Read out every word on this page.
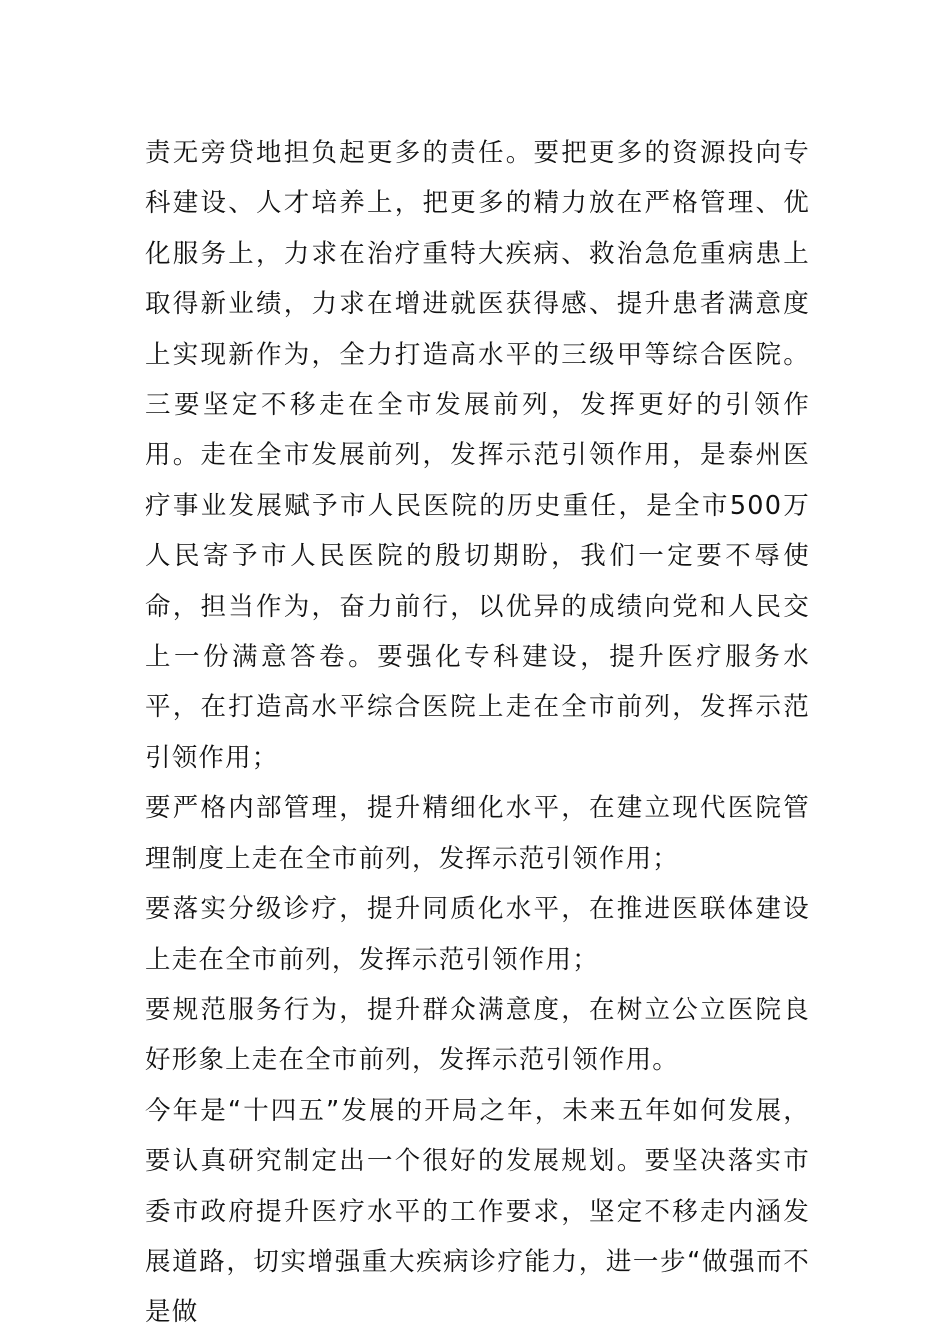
责无旁贷地担负起更多的责任。要把更多的资源投向专科建设、人才培养上，把更多的精力放在严格管理、优化服务上，力求在治疗重特大疾病、救治急危重病患上取得新业绩，力求在增进就医获得感、提升患者满意度上实现新作为，全力打造高水平的三级甲等综合医院。三要坚定不移走在全市发展前列，发挥更好的引领作用。走在全市发展前列，发挥示范引领作用，是泰州医疗事业发展赋予市人民医院的历史重任，是全市500万人民寄予市人民医院的殷切期盼，我们一定要不辱使命，担当作为，奋力前行，以优异的成绩向党和人民交上一份满意答卷。要强化专科建设，提升医疗服务水平，在打造高水平综合医院上走在全市前列，发挥示范引领作用；

要严格内部管理，提升精细化水平，在建立现代医院管理制度上走在全市前列，发挥示范引领作用；

要落实分级诊疗，提升同质化水平，在推进医联体建设上走在全市前列，发挥示范引领作用；

要规范服务行为，提升群众满意度，在树立公立医院良好形象上走在全市前列，发挥示范引领作用。

今年是“十四五”发展的开局之年，未来五年如何发展，要认真研究制定出一个很好的发展规划。要坚决落实市委市政府提升医疗水平的工作要求，坚定不移走内涵发展道路，切实增强重大疾病诊疗能力，进一步“做强而不是做
